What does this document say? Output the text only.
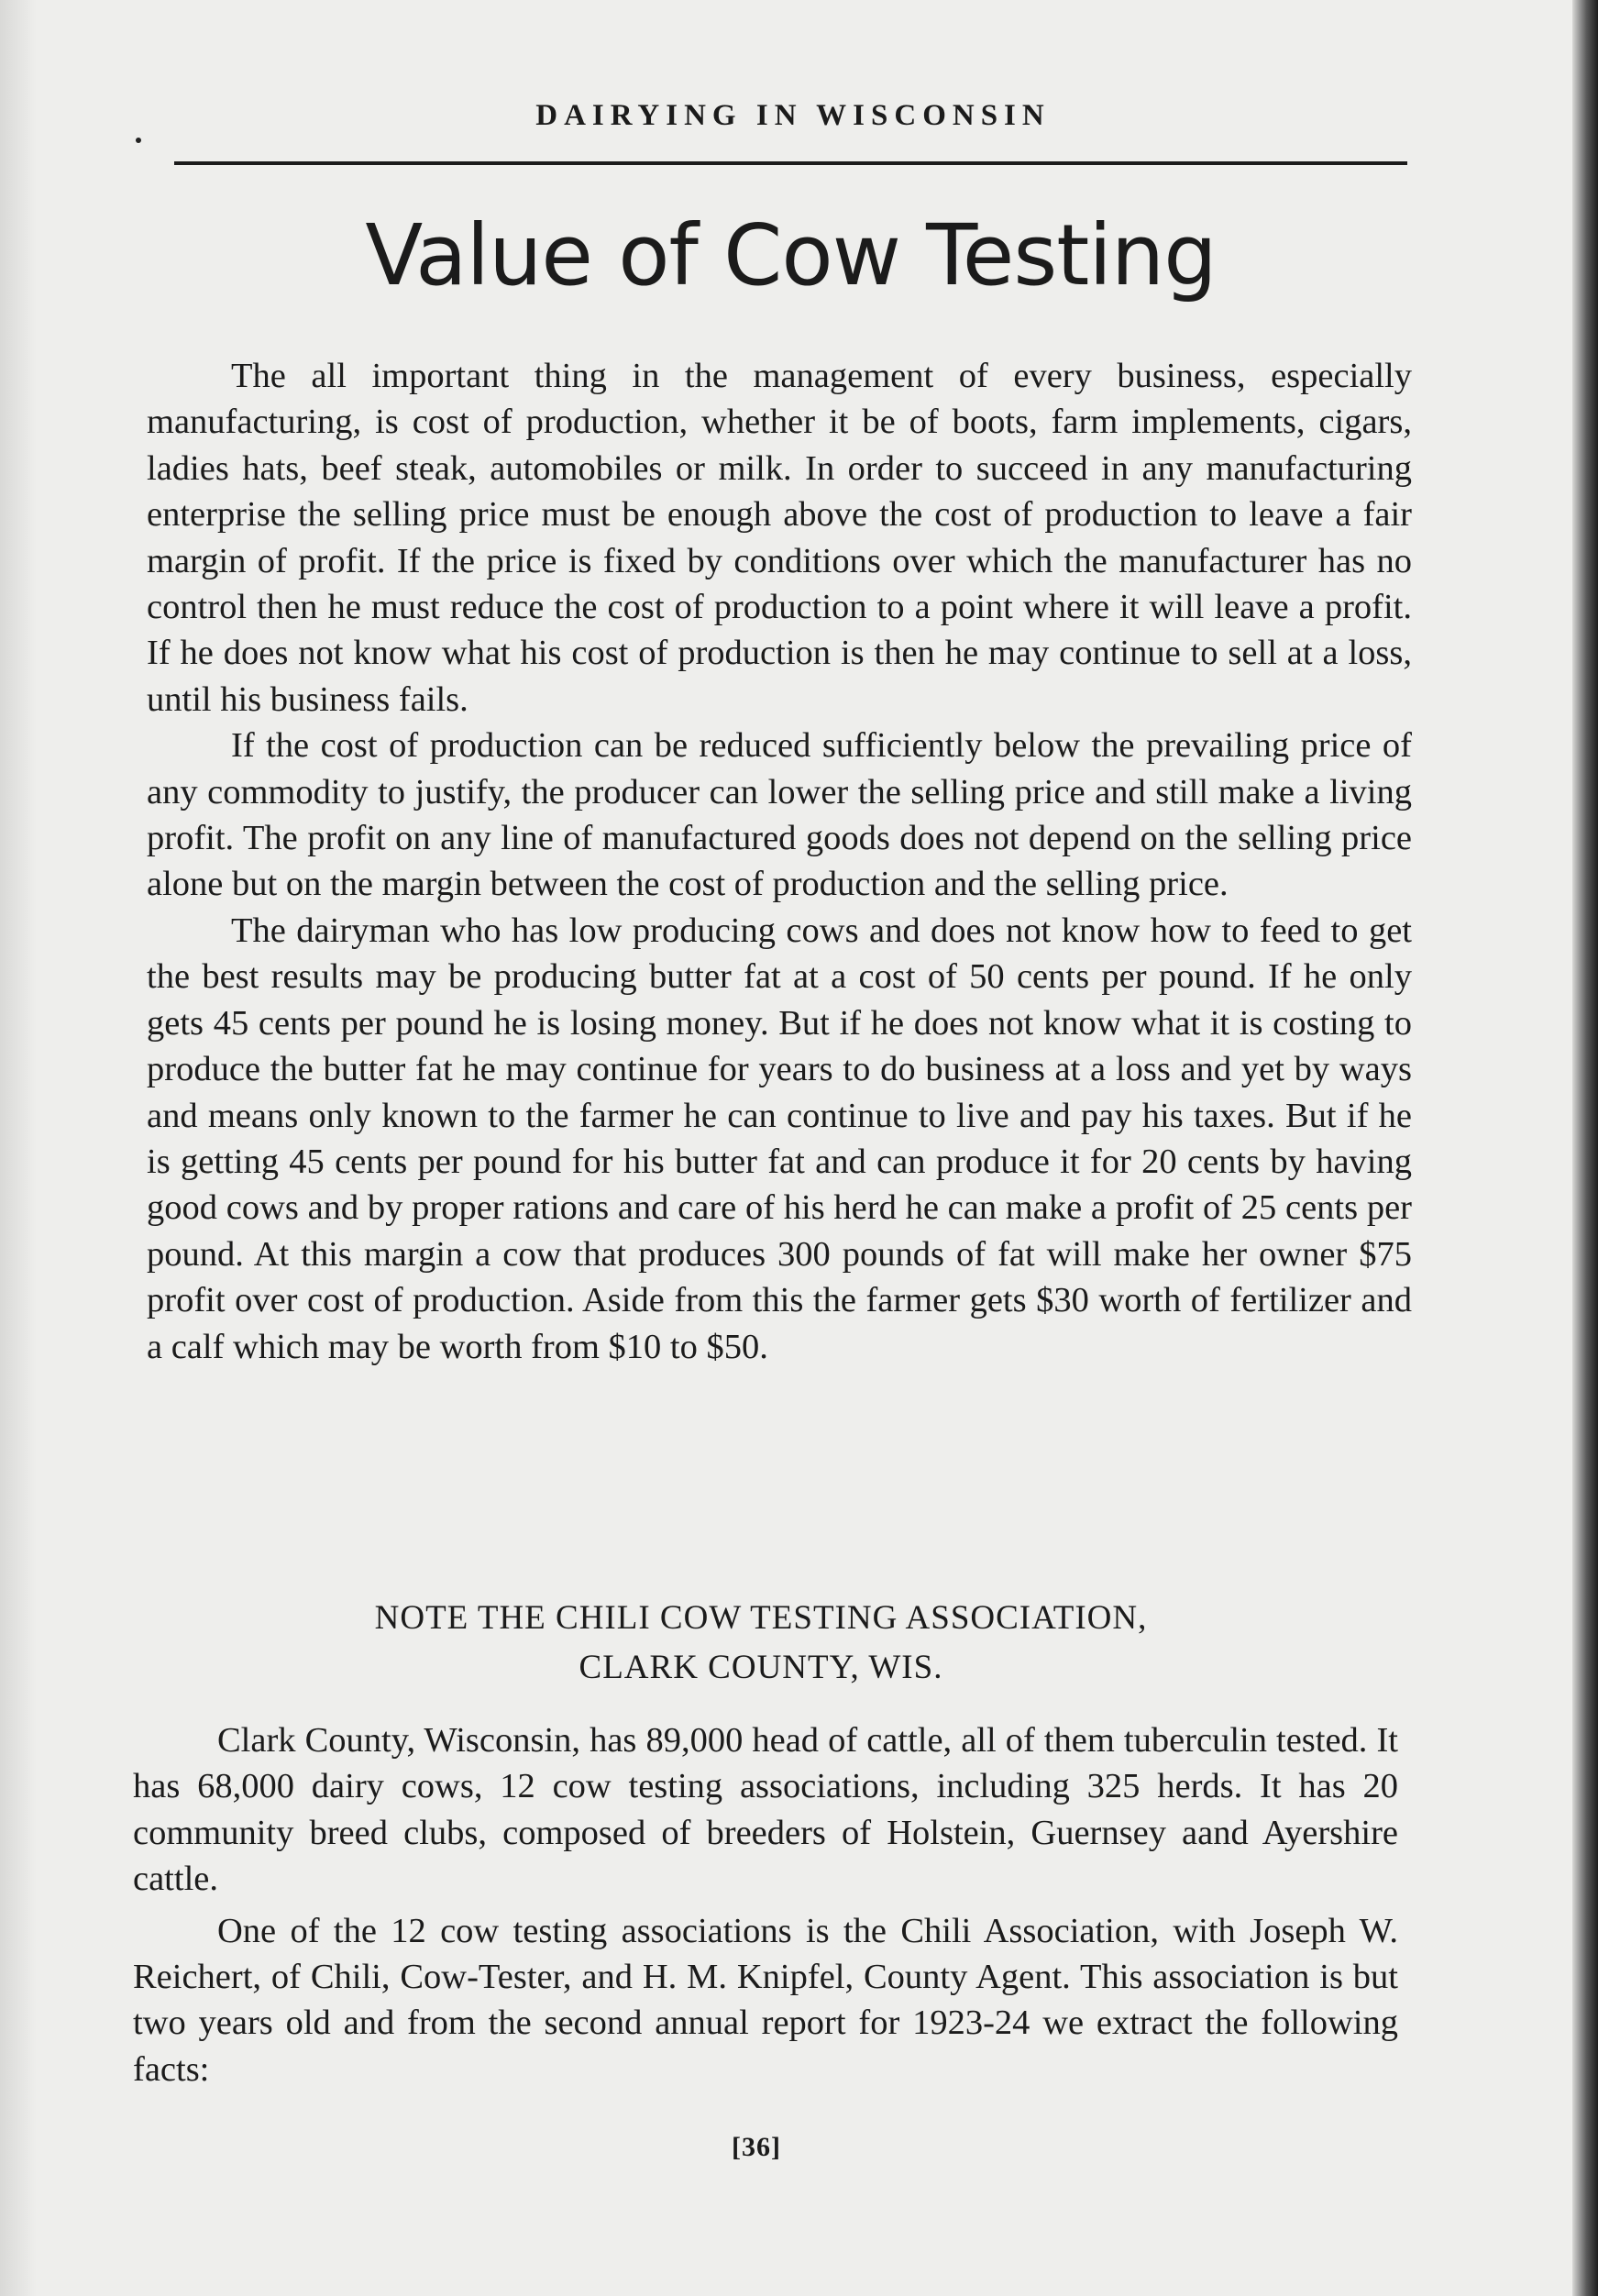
DAIRYING IN WISCONSIN
Value of Cow Testing

The all important thing in the management of every business, especially manufacturing, is cost of production, whether it be of boots, farm implements, cigars, ladies hats, beef steak, automobiles or milk. In order to succeed in any manufacturing enterprise the selling price must be enough above the cost of production to leave a fair margin of profit. If the price is fixed by conditions over which the manufacturer has no control then he must reduce the cost of production to a point where it will leave a profit. If he does not know what his cost of production is then he may continue to sell at a loss, until his business fails.

If the cost of production can be reduced sufficiently below the prevailing price of any commodity to justify, the producer can lower the selling price and still make a living profit. The profit on any line of manufactured goods does not depend on the selling price alone but on the margin between the cost of production and the selling price.

The dairyman who has low producing cows and does not know how to feed to get the best results may be producing butter fat at a cost of 50 cents per pound. If he only gets 45 cents per pound he is losing money. But if he does not know what it is costing to produce the butter fat he may continue for years to do business at a loss and yet by ways and means only known to the farmer he can continue to live and pay his taxes. But if he is getting 45 cents per pound for his butter fat and can produce it for 20 cents by having good cows and by proper rations and care of his herd he can make a profit of 25 cents per pound. At this margin a cow that produces 300 pounds of fat will make her owner $75 profit over cost of production. Aside from this the farmer gets $30 worth of fertilizer and a calf which may be worth from $10 to $50.

NOTE THE CHILI COW TESTING ASSOCIATION,
CLARK COUNTY, WIS.

Clark County, Wisconsin, has 89,000 head of cattle, all of them tuberculin tested. It has 68,000 dairy cows, 12 cow testing associations, including 325 herds. It has 20 community breed clubs, composed of breeders of Holstein, Guernsey aand Ayershire cattle.

One of the 12 cow testing associations is the Chili Association, with Joseph W. Reichert, of Chili, Cow-Tester, and H. M. Knipfel, County Agent. This association is but two years old and from the second annual report for 1923-24 we extract the following facts:

[36]
